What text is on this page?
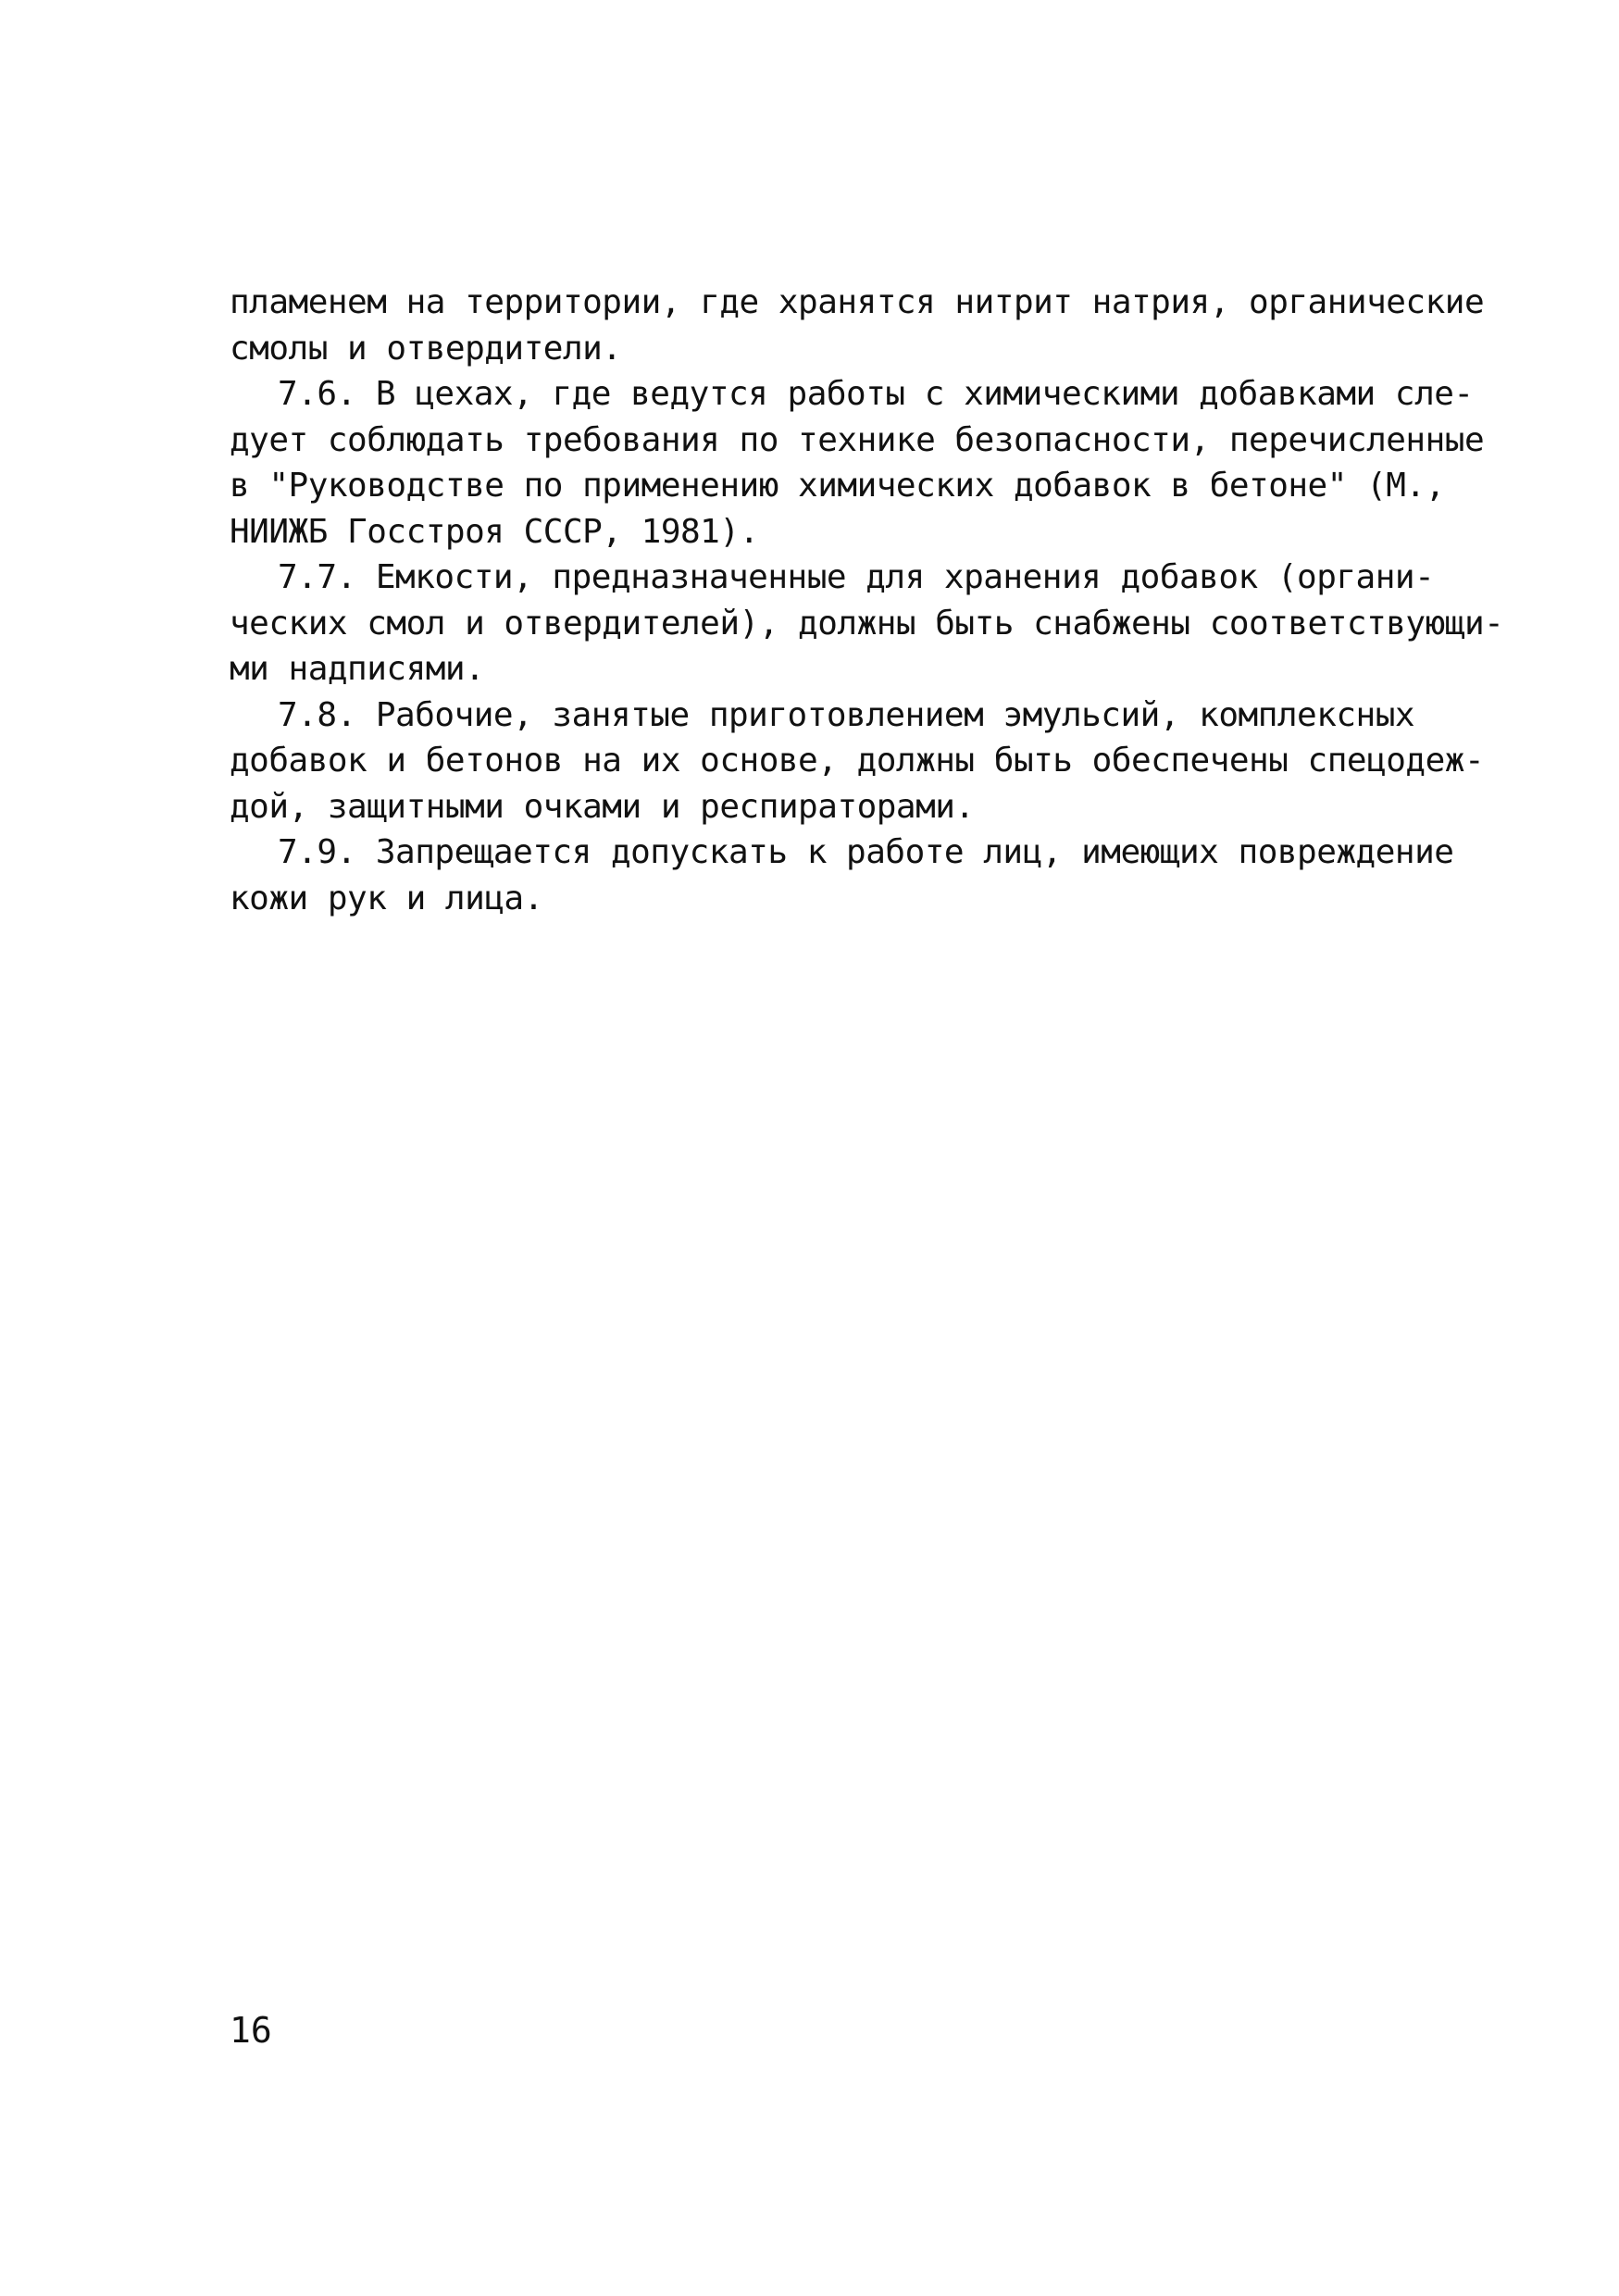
пламенем на территории, где хранятся нитрит натрия, органические
смолы и отвердители.
7.6. В цехах, где ведутся работы с химическими добавками сле-
дует соблюдать требования по технике безопасности, перечисленные
в "Руководстве по применению химических добавок в бетоне" (М.,
НИИЖБ Госстроя СССР, 1981).
7.7. Емкости, предназначенные для хранения добавок (органи-
ческих смол и отвердителей), должны быть снабжены соответствующи-
ми надписями.
7.8. Рабочие, занятые приготовлением эмульсий, комплексных
добавок и бетонов на их основе, должны быть обеспечены спецодеж-
дой, защитными очками и респираторами.
7.9. Запрещается допускать к работе лиц, имеющих повреждение
кожи рук и лица.
16
